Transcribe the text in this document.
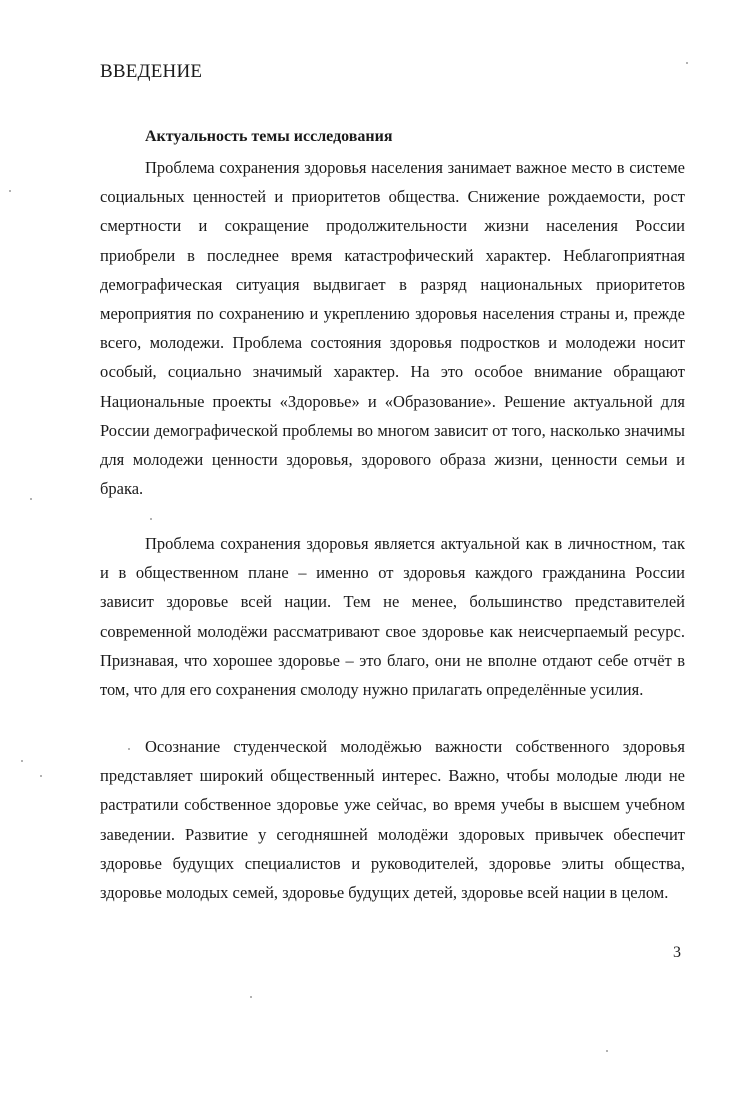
ВВЕДЕНИЕ
Актуальность темы исследования

Проблема сохранения здоровья населения занимает важное место в системе социальных ценностей и приоритетов общества. Снижение рождаемости, рост смертности и сокращение продолжительности жизни населения России приобрели в последнее время катастрофический характер. Неблагоприятная демографическая ситуация выдвигает в разряд национальных приоритетов мероприятия по сохранению и укреплению здоровья населения страны и, прежде всего, молодежи. Проблема состояния здоровья подростков и молодежи носит особый, социально значимый характер. На это особое внимание обращают Национальные проекты «Здоровье» и «Образование». Решение актуальной для России демографической проблемы во многом зависит от того, насколько значимы для молодежи ценности здоровья, здорового образа жизни, ценности семьи и брака.

Проблема сохранения здоровья является актуальной как в личностном, так и в общественном плане – именно от здоровья каждого гражданина России зависит здоровье всей нации. Тем не менее, большинство представителей современной молодёжи рассматривают свое здоровье как неисчерпаемый ресурс. Признавая, что хорошее здоровье – это благо, они не вполне отдают себе отчёт в том, что для его сохранения смолоду нужно прилагать определённые усилия.

Осознание студенческой молодёжью важности собственного здоровья представляет широкий общественный интерес. Важно, чтобы молодые люди не растратили собственное здоровье уже сейчас, во время учебы в высшем учебном заведении. Развитие у сегодняшней молодёжи здоровых привычек обеспечит здоровье будущих специалистов и руководителей, здоровье элиты общества, здоровье молодых семей, здоровье будущих детей, здоровье всей нации в целом.

3
